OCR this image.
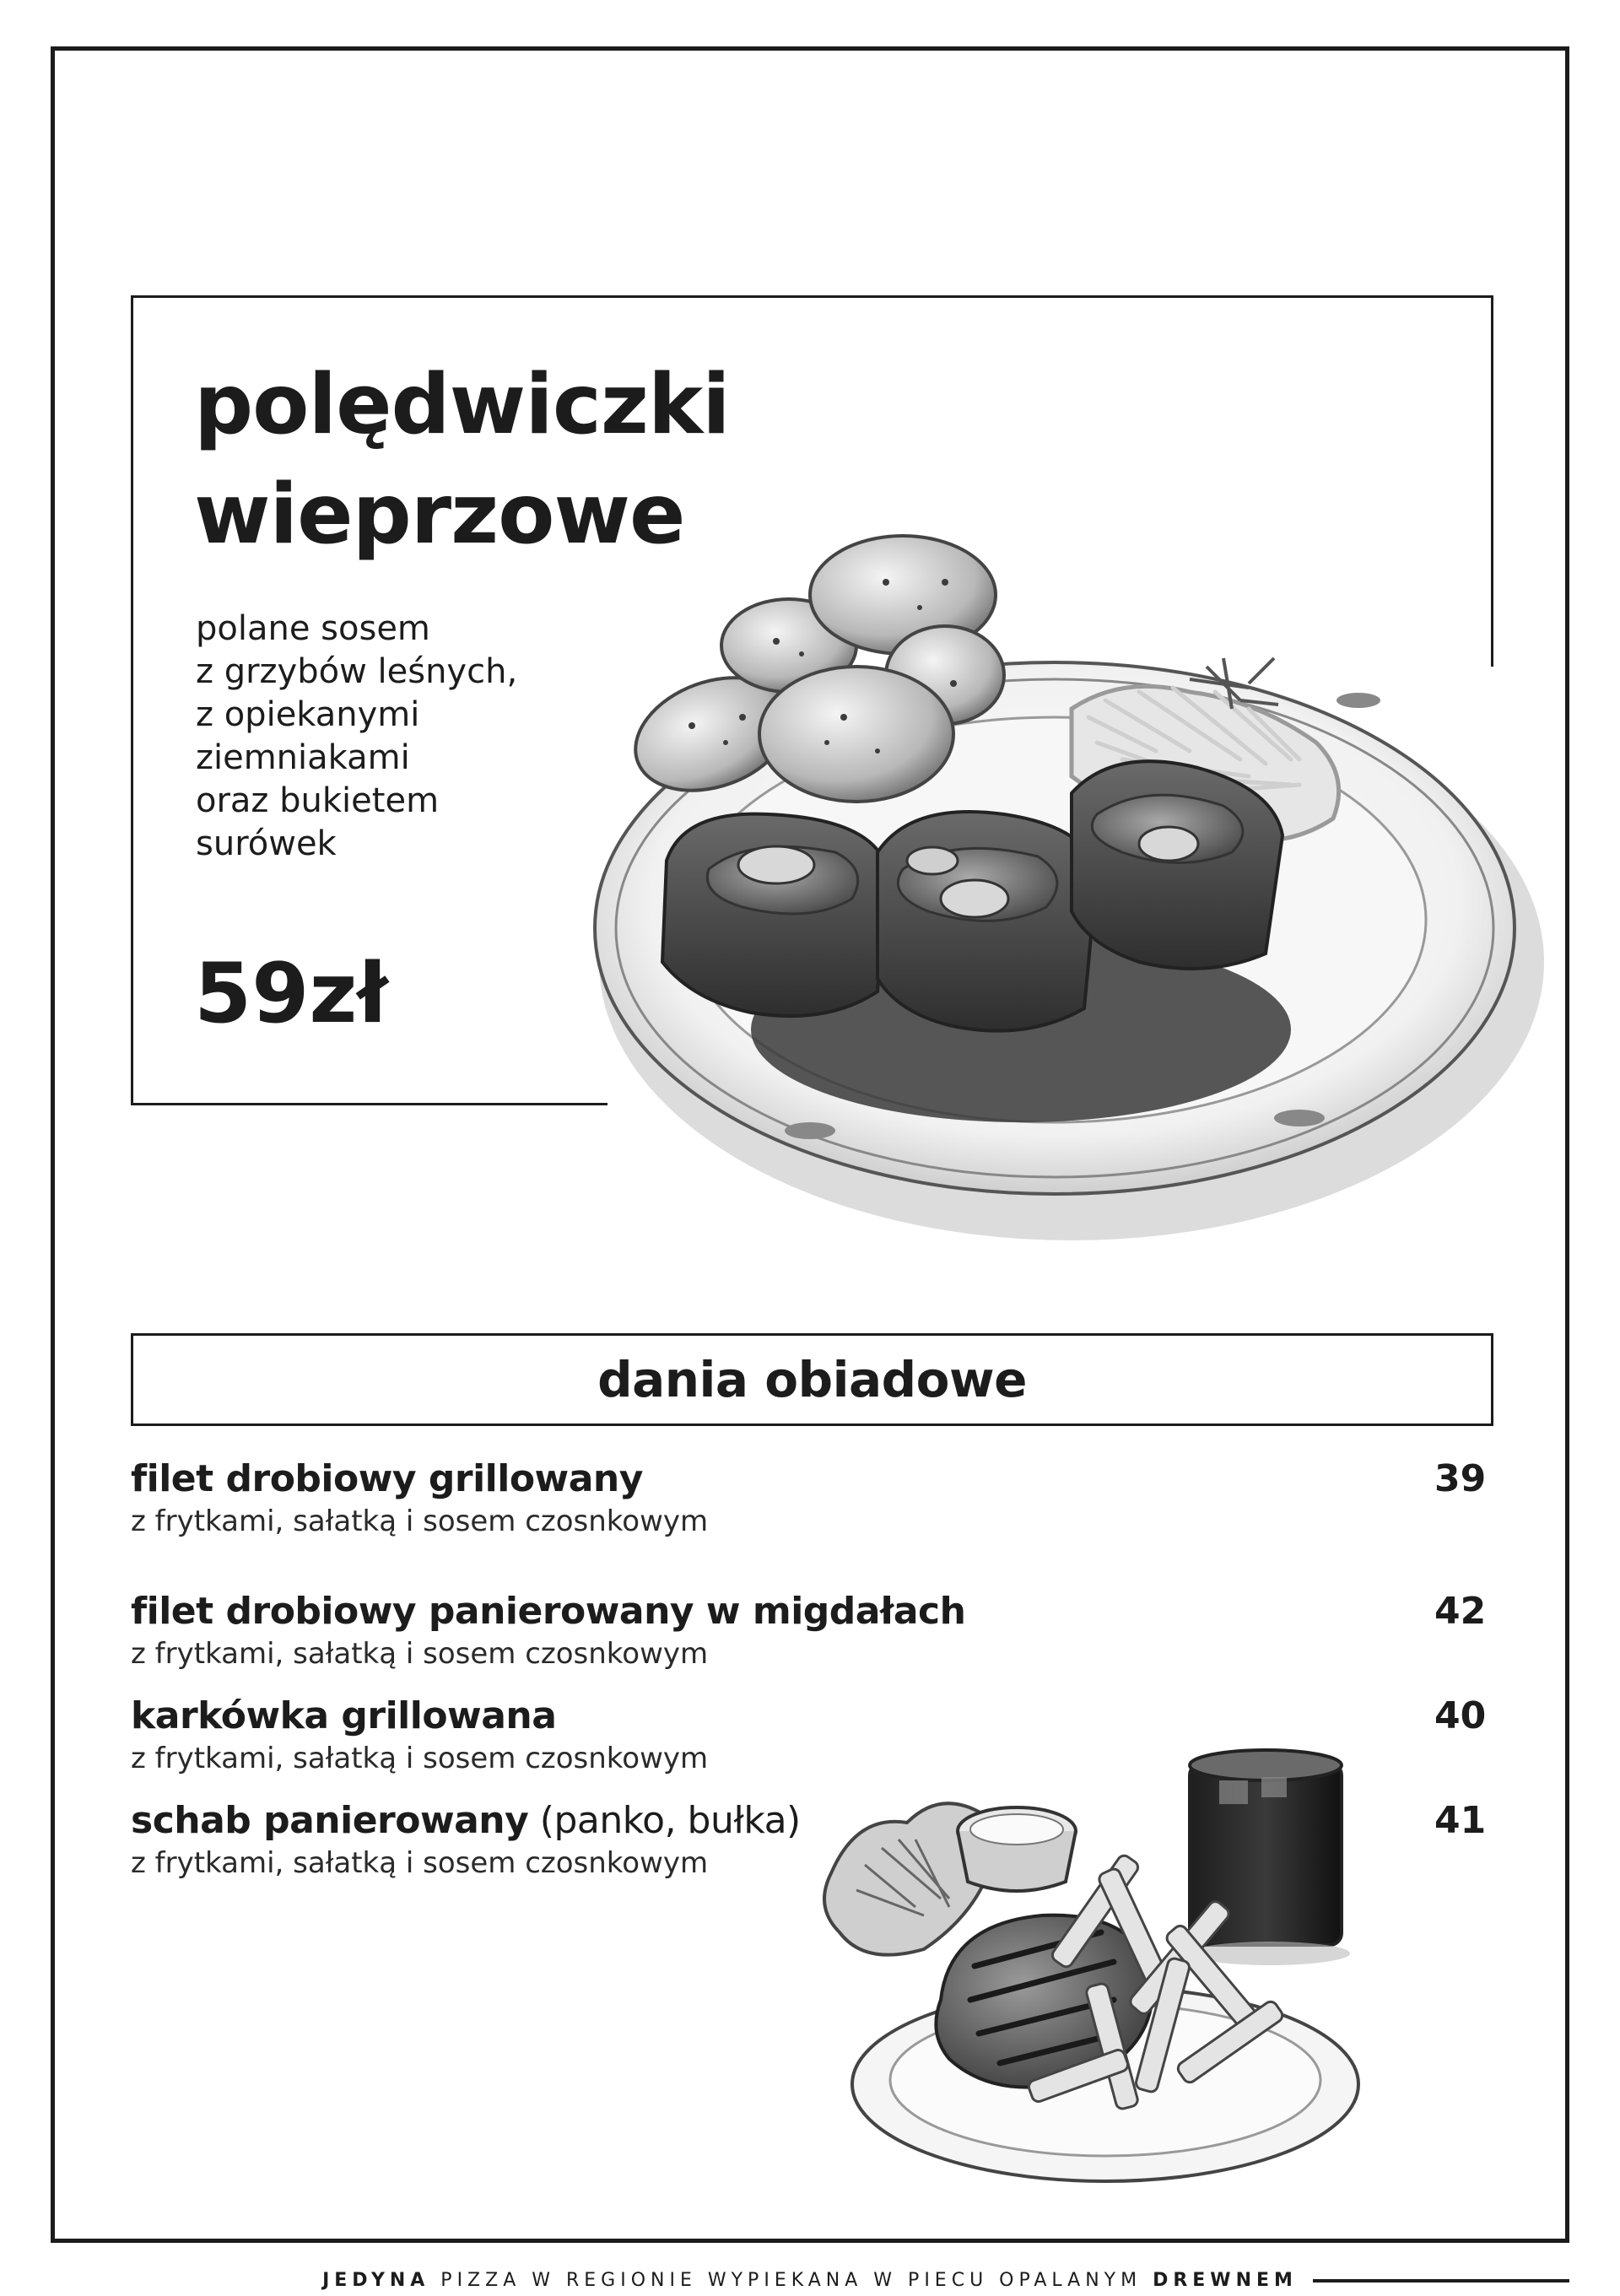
polędwiczki
wieprzowe

polane sosem
z grzybów leśnych,
z opiekanymi
ziemniakami
oraz bukietem
surówek

59zł
dania obiadowe
filet drobiowy grillowany
z frytkami, sałatką i sosem czosnkowym
39
filet drobiowy panierowany w migdałach
z frytkami, sałatką i sosem czosnkowym
42
karkówka grillowana
z frytkami, sałatką i sosem czosnkowym
40
schab panierowany (panko, bułka)
z frytkami, sałatką i sosem czosnkowym
41
JEDYNA PIZZA W REGIONIE WYPIEKANA W PIECU OPALANYM DREWNEM
